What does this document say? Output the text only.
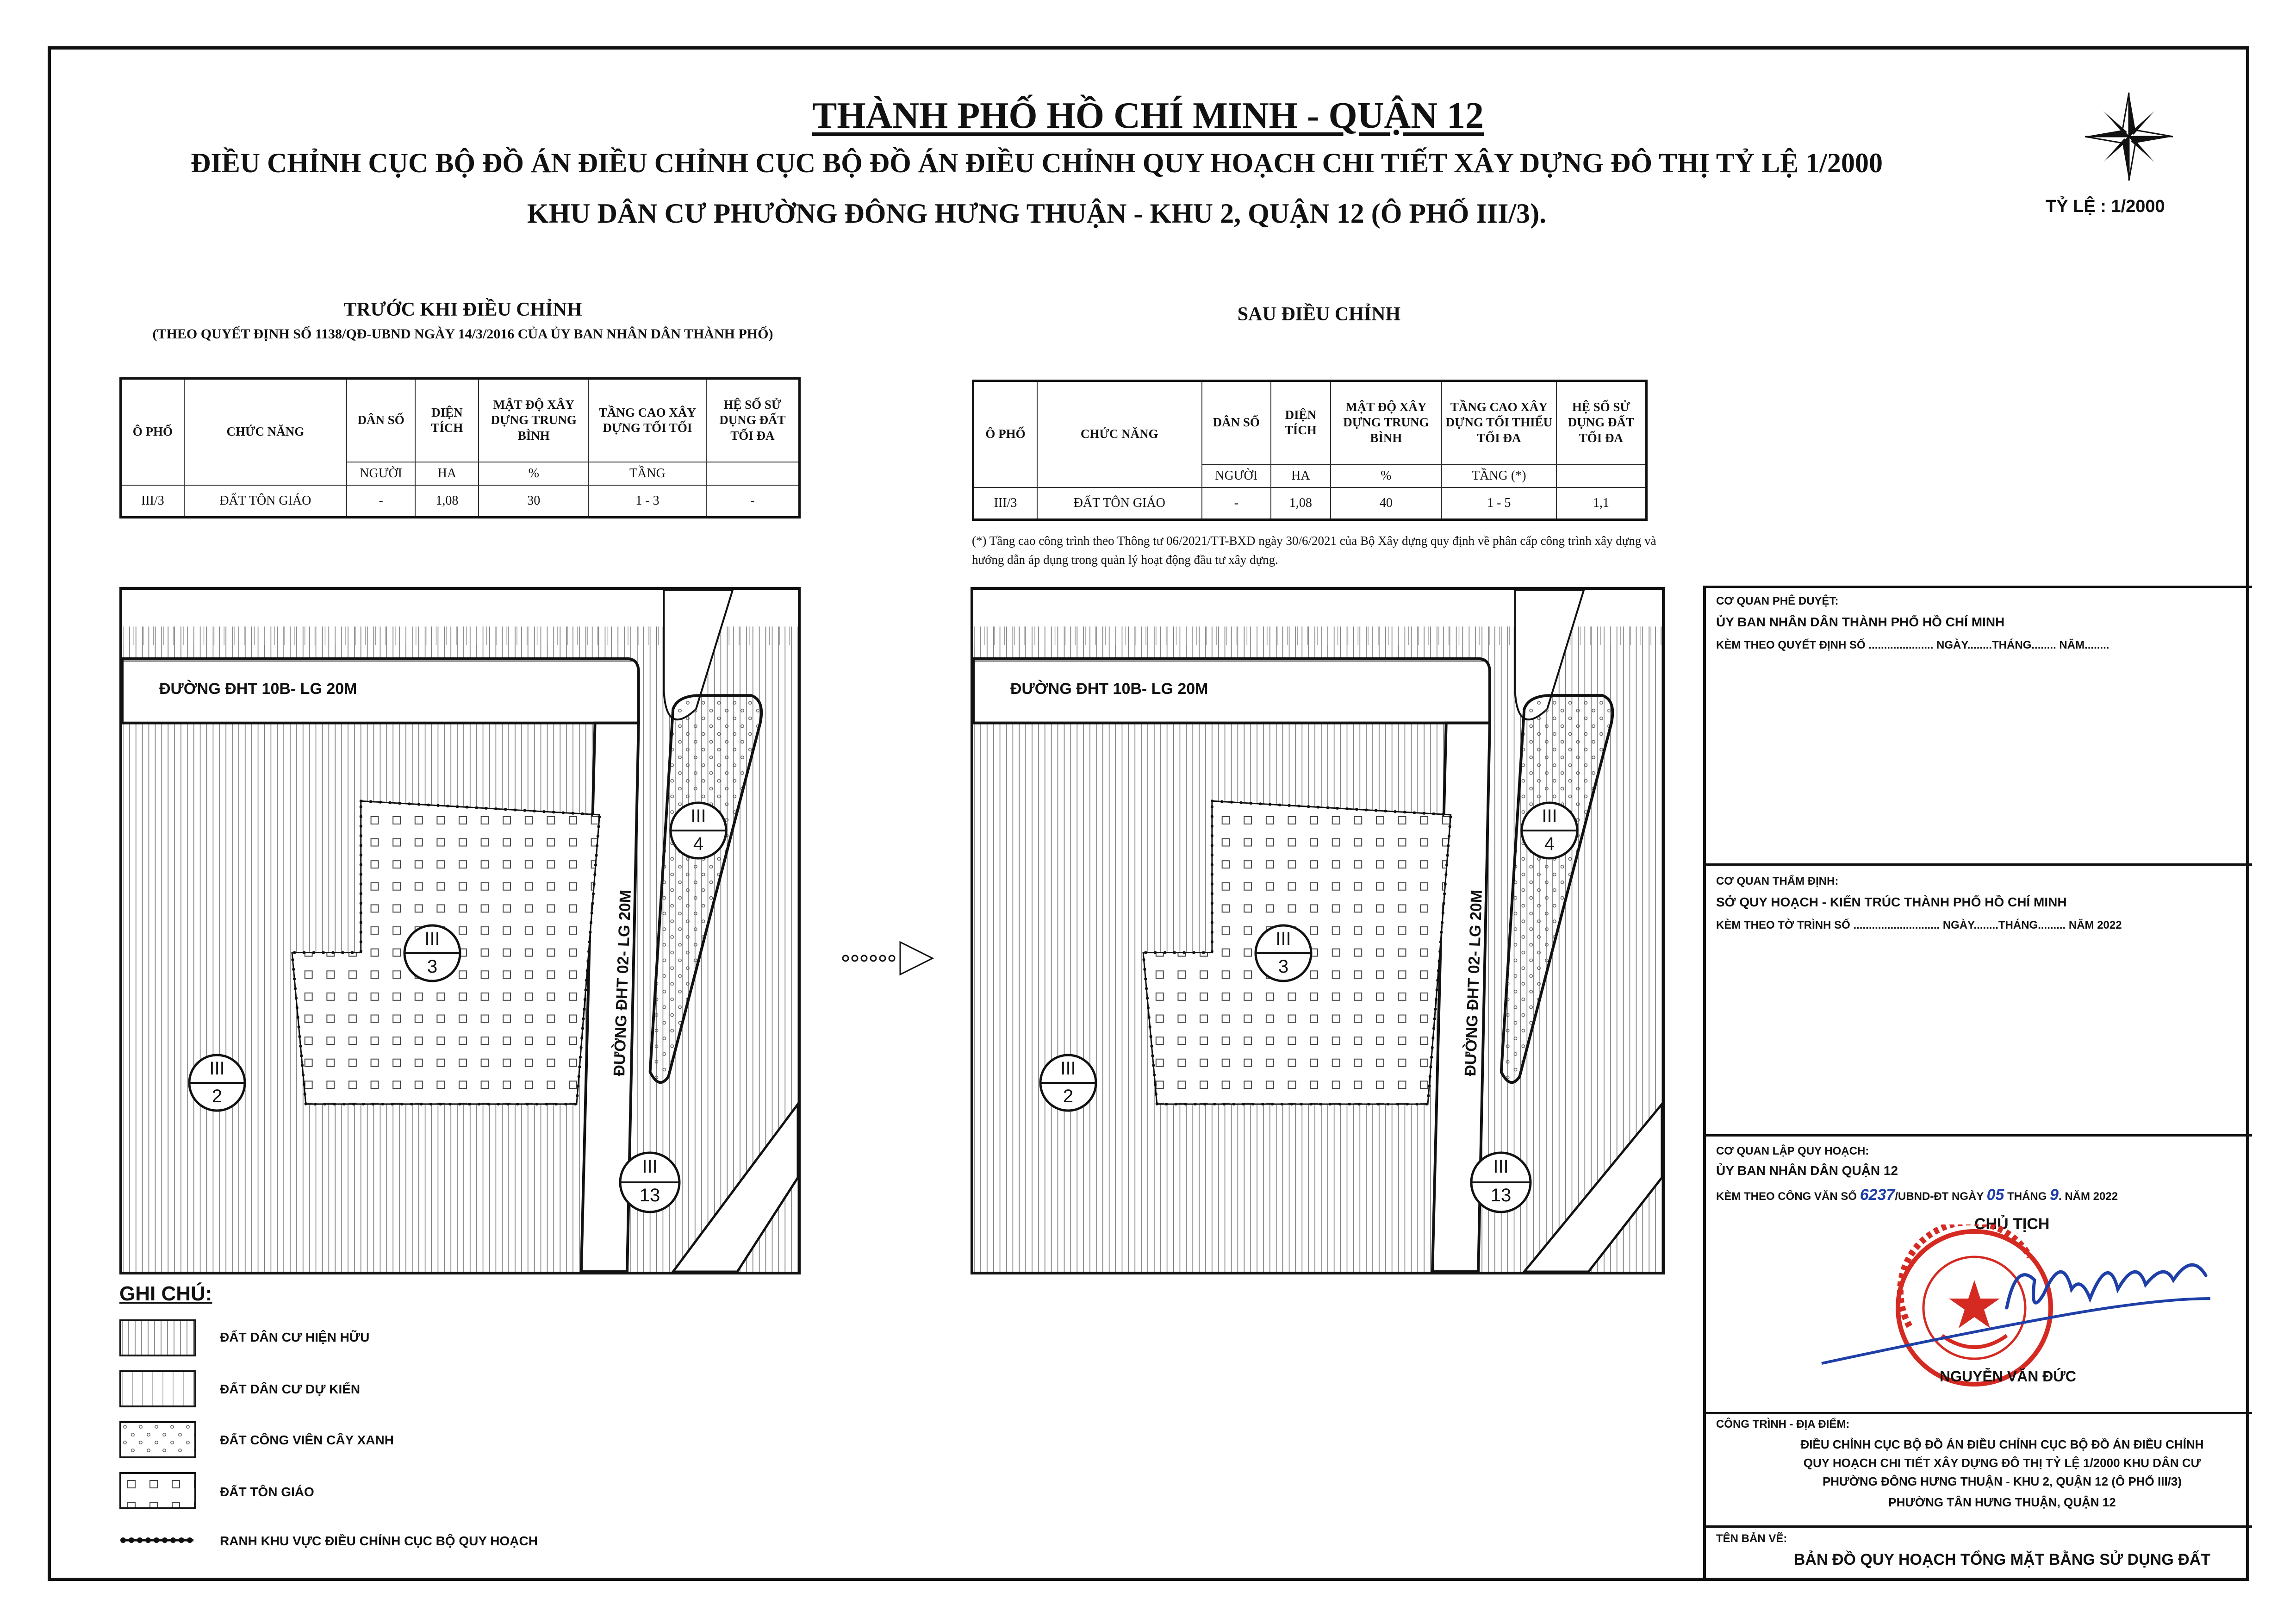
THÀNH PHỐ HỒ CHÍ MINH - QUẬN 12
ĐIỀU CHỈNH CỤC BỘ ĐỒ ÁN ĐIỀU CHỈNH CỤC BỘ ĐỒ ÁN ĐIỀU CHỈNH QUY HOẠCH CHI TIẾT XÂY DỰNG ĐÔ THỊ TỶ LỆ 1/2000
KHU DÂN CƯ PHƯỜNG ĐÔNG HƯNG THUẬN - KHU 2, QUẬN 12 (Ô PHỐ III/3).	TỶ LỆ : 1/2000
TRƯỚC KHI ĐIỀU CHỈNH
(THEO QUYẾT ĐỊNH SỐ 1138/QĐ-UBND NGÀY 14/3/2016 CỦA ỦY BAN NHÂN DÂN THÀNH PHỐ)
Ô PHỐ	CHỨC NĂNG	DÂN SỐ	DIỆN TÍCH	MẬT ĐỘ XÂY DỰNG TRUNG BÌNH	TẦNG CAO XÂY DỰNG TỐI TỐI	HỆ SỐ SỬ DỤNG ĐẤT TỐI ĐA
		NGƯỜI	HA	%	TẦNG	
III/3	ĐẤT TÔN GIÁO	-	1,08	30	1 - 3	-
SAU ĐIỀU CHỈNH
Ô PHỐ	CHỨC NĂNG	DÂN SỐ	DIỆN TÍCH	MẬT ĐỘ XÂY DỰNG TRUNG BÌNH	TẦNG CAO XÂY DỰNG TỐI THIỂU TỐI ĐA	HỆ SỐ SỬ DỤNG ĐẤT TỐI ĐA
		NGƯỜI	HA	%	TẦNG (*)	
III/3	ĐẤT TÔN GIÁO	-	1,08	40	1 - 5	1,1
(*) Tầng cao công trình theo Thông tư 06/2021/TT-BXD ngày 30/6/2021 của Bộ Xây dựng quy định về phân cấp công trình xây dựng và hướng dẫn áp dụng trong quản lý hoạt động đầu tư xây dựng.
ĐƯỜNG ĐHT 10B- LG 20M
ĐƯỜNG ĐHT 02- LG 20M
III
2
III
3
III
4
III
13
ĐƯỜNG ĐHT 10B- LG 20M
ĐƯỜNG ĐHT 02- LG 20M
III
2
III
3
III
4
III
13
GHI CHÚ:
ĐẤT DÂN CƯ HIỆN HỮU
ĐẤT DÂN CƯ DỰ KIẾN
ĐẤT CÔNG VIÊN CÂY XANH
ĐẤT TÔN GIÁO
RANH KHU VỰC ĐIỀU CHỈNH CỤC BỘ QUY HOẠCH
CƠ QUAN PHÊ DUYỆT:
ỦY BAN NHÂN DÂN THÀNH PHỐ HỒ CHÍ MINH
KÈM THEO QUYẾT ĐỊNH SỐ ..................... NGÀY........THÁNG........ NĂM........
CƠ QUAN THẨM ĐỊNH:
SỞ QUY HOẠCH - KIẾN TRÚC THÀNH PHỐ HỒ CHÍ MINH
KÈM THEO TỜ TRÌNH SỐ ............................ NGÀY........THÁNG......... NĂM 2022
CƠ QUAN LẬP QUY HOẠCH:
ỦY BAN NHÂN DÂN QUẬN 12
KÈM THEO CÔNG VĂN SỐ 6237/UBND-ĐT NGÀY 05 THÁNG 9. NĂM 2022
CHỦ TỊCH
NGUYỄN VĂN ĐỨC
CÔNG TRÌNH - ĐỊA ĐIỂM:
ĐIỀU CHỈNH CỤC BỘ ĐỒ ÁN ĐIỀU CHỈNH CỤC BỘ ĐỒ ÁN ĐIỀU CHỈNH
QUY HOẠCH CHI TIẾT XÂY DỰNG ĐÔ THỊ TỶ LỆ 1/2000 KHU DÂN CƯ
PHƯỜNG ĐÔNG HƯNG THUẬN - KHU 2, QUẬN 12 (Ô PHỐ III/3)
PHƯỜNG TÂN HƯNG THUẬN, QUẬN 12
TÊN BẢN VẼ:
BẢN ĐỒ QUY HOẠCH TỔNG MẶT BẰNG SỬ DỤNG ĐẤT
